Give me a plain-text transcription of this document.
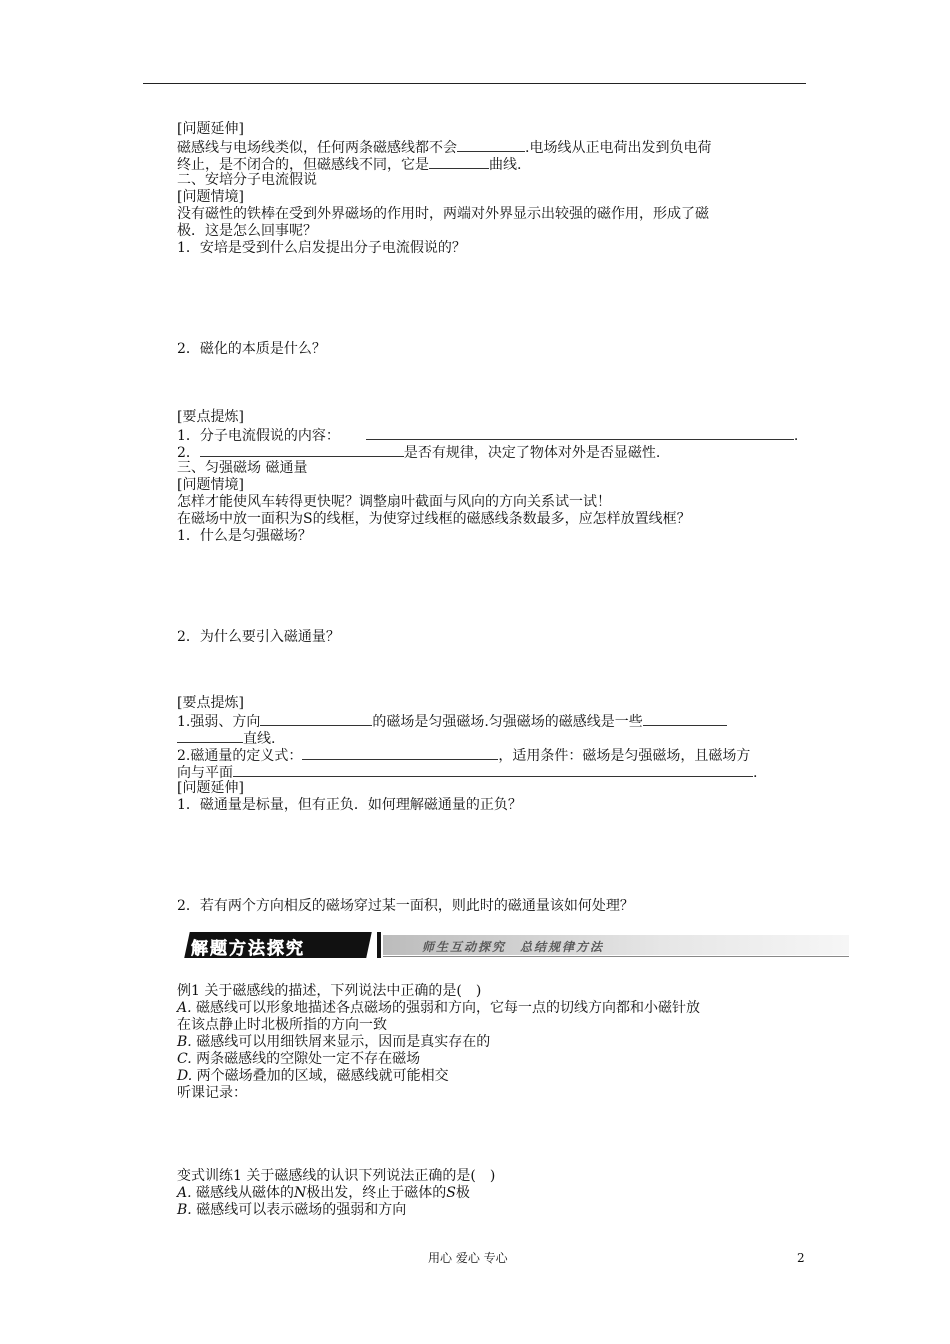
[问题延伸]
磁感线与电场线类似，任何两条磁感线都不会	.电场线从正电荷出发到负电荷
终止，是不闭合的，但磁感线不同，它是	曲线.
二、安培分子电流假说
[问题情境]
没有磁性的铁棒在受到外界磁场的作用时，两端对外界显示出较强的磁作用，形成了磁
极．这是怎么回事呢？
1．安培是受到什么启发提出分子电流假说的？
2．磁化的本质是什么？
[要点提炼]
1．分子电流假说的内容：	.
2．	是否有规律，决定了物体对外是否显磁性.
三、匀强磁场 磁通量
[问题情境]
怎样才能使风车转得更快呢？调整扇叶截面与风向的方向关系试一试！
在磁场中放一面积为S的线框，为使穿过线框的磁感线条数最多，应怎样放置线框？
1．什么是匀强磁场？
2．为什么要引入磁通量？
[要点提炼]
1.强弱、方向	的磁场是匀强磁场.匀强磁场的磁感线是一些
直线.
2.磁通量的定义式：	，适用条件：磁场是匀强磁场，且磁场方
向与平面	.
[问题延伸]
1．磁通量是标量，但有正负．如何理解磁通量的正负？
2．若有两个方向相反的磁场穿过某一面积，则此时的磁通量该如何处理？
解题方法探究	师生互动探究　总结规律方法
例1 关于磁感线的描述，下列说法中正确的是(　)
A. 磁感线可以形象地描述各点磁场的强弱和方向，它每一点的切线方向都和小磁针放
在该点静止时北极所指的方向一致
B. 磁感线可以用细铁屑来显示，因而是真实存在的
C. 两条磁感线的空隙处一定不存在磁场
D. 两个磁场叠加的区域，磁感线就可能相交
听课记录：
变式训练1 关于磁感线的认识下列说法正确的是(　)
A. 磁感线从磁体的N极出发，终止于磁体的S极
B. 磁感线可以表示磁场的强弱和方向
用心 爱心 专心	2
